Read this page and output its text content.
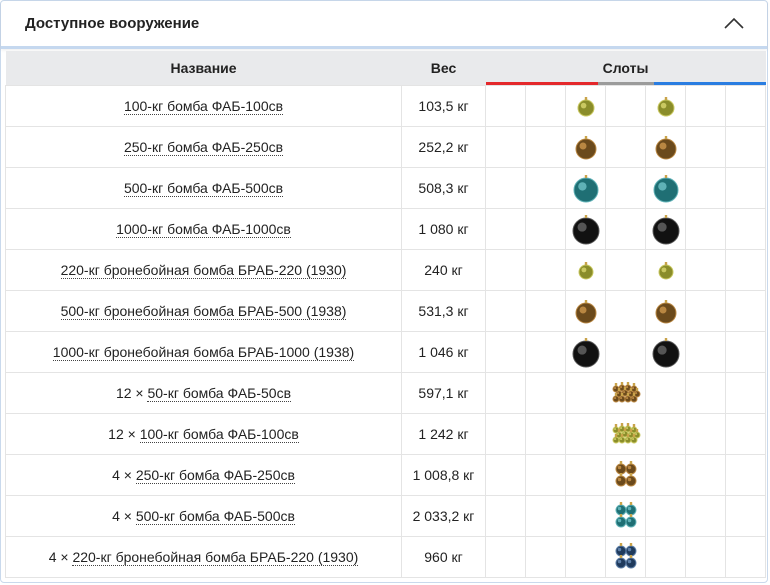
Доступное вооружение
Название	Вес	Слоты						
100-кг бомба ФАБ-100св	103,5 кг			

250-кг бомба ФАБ-250св	252,2 кг			

500-кг бомба ФАБ-500св	508,3 кг			

1000-кг бомба ФАБ-1000св	1 080 кг			

220-кг бронебойная бомба БРАБ-220 (1930)	240 кг			

500-кг бронебойная бомба БРАБ-500 (1938)	531,3 кг			

1000-кг бронебойная бомба БРАБ-1000 (1938)	1 046 кг			

12 × 50-кг бомба ФАБ-50св	597,1 кг				

12 × 100-кг бомба ФАБ-100св	1 242 кг				

4 × 250-кг бомба ФАБ-250св	1 008,8 кг				

4 × 500-кг бомба ФАБ-500св	2 033,2 кг				

4 × 220-кг бронебойная бомба БРАБ-220 (1930)	960 кг				
